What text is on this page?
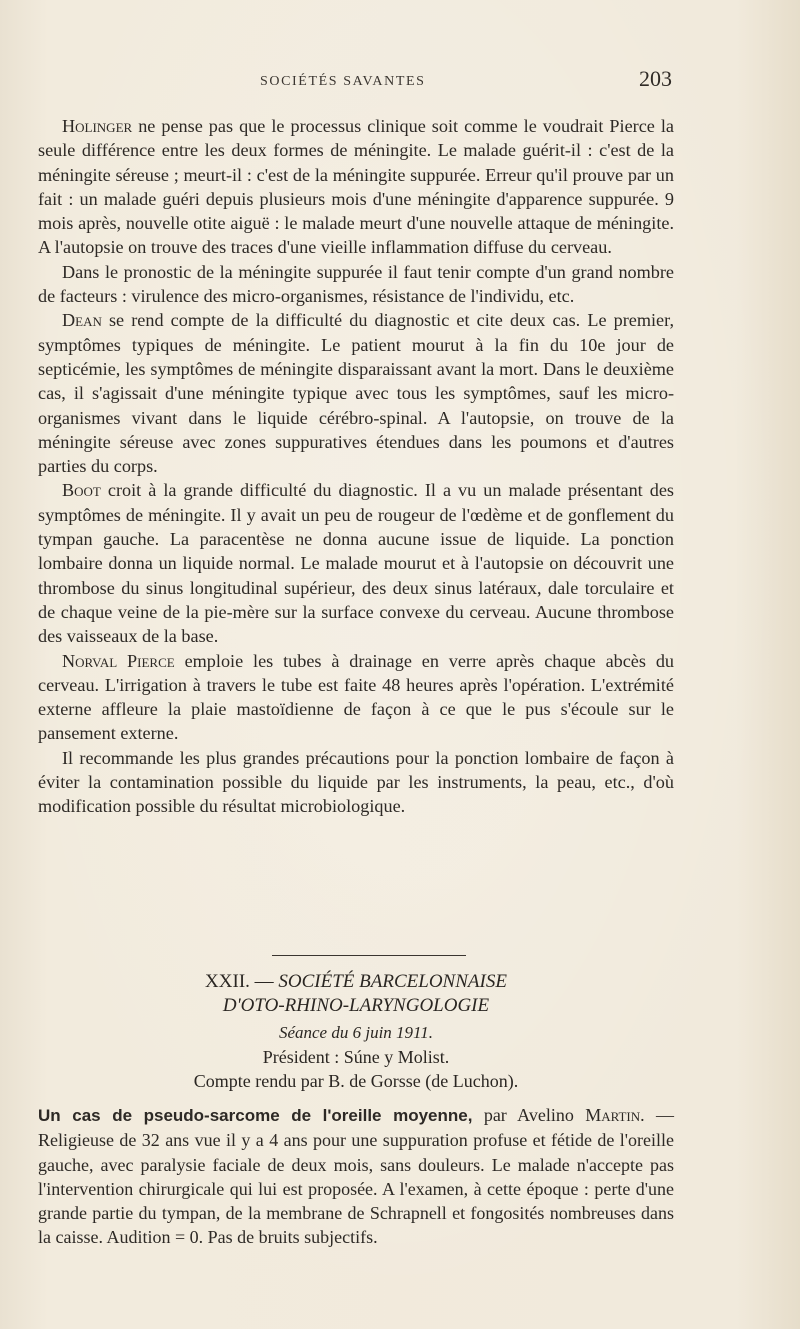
SOCIÉTÉS SAVANTES	203

Holinger ne pense pas que le processus clinique soit comme le voudrait Pierce la seule différence entre les deux formes de méningite. Le malade guérit-il : c'est de la méningite séreuse ; meurt-il : c'est de la méningite suppurée. Erreur qu'il prouve par un fait : un malade guéri depuis plusieurs mois d'une méningite d'apparence suppurée. 9 mois après, nouvelle otite aiguë : le malade meurt d'une nouvelle attaque de méningite. A l'autopsie on trouve des traces d'une vieille inflammation diffuse du cerveau.

Dans le pronostic de la méningite suppurée il faut tenir compte d'un grand nombre de facteurs : virulence des micro-organismes, résistance de l'individu, etc.

Dean se rend compte de la difficulté du diagnostic et cite deux cas. Le premier, symptômes typiques de méningite. Le patient mourut à la fin du 10e jour de septicémie, les symptômes de méningite disparaissant avant la mort. Dans le deuxième cas, il s'agissait d'une méningite typique avec tous les symptômes, sauf les micro-organismes vivant dans le liquide cérébro-spinal. A l'autopsie, on trouve de la méningite séreuse avec zones suppuratives étendues dans les poumons et d'autres parties du corps.

Boot croit à la grande difficulté du diagnostic. Il a vu un malade présentant des symptômes de méningite. Il y avait un peu de rougeur de l'œdème et de gonflement du tympan gauche. La paracentèse ne donna aucune issue de liquide. La ponction lombaire donna un liquide normal. Le malade mourut et à l'autopsie on découvrit une thrombose du sinus longitudinal supérieur, des deux sinus latéraux, dale torculaire et de chaque veine de la pie-mère sur la surface convexe du cerveau. Aucune thrombose des vaisseaux de la base.

Norval Pierce emploie les tubes à drainage en verre après chaque abcès du cerveau. L'irrigation à travers le tube est faite 48 heures après l'opération. L'extrémité externe affleure la plaie mastoïdienne de façon à ce que le pus s'écoule sur le pansement externe.

Il recommande les plus grandes précautions pour la ponction lombaire de façon à éviter la contamination possible du liquide par les instruments, la peau, etc., d'où modification possible du résultat microbiologique.

XXII. — SOCIÉTÉ BARCELONNAISE
D'OTO-RHINO-LARYNGOLOGIE
Séance du 6 juin 1911.
Président : Súne y Molist.
Compte rendu par B. de Gorsse (de Luchon).
Un cas de pseudo-sarcome de l'oreille moyenne, par Avelino Martin. — Religieuse de 32 ans vue il y a 4 ans pour une suppuration profuse et fétide de l'oreille gauche, avec paralysie faciale de deux mois, sans douleurs. Le malade n'accepte pas l'intervention chirurgicale qui lui est proposée. A l'examen, à cette époque : perte d'une grande partie du tympan, de la membrane de Schrapnell et fongosités nombreuses dans la caisse. Audition = 0. Pas de bruits subjectifs.
